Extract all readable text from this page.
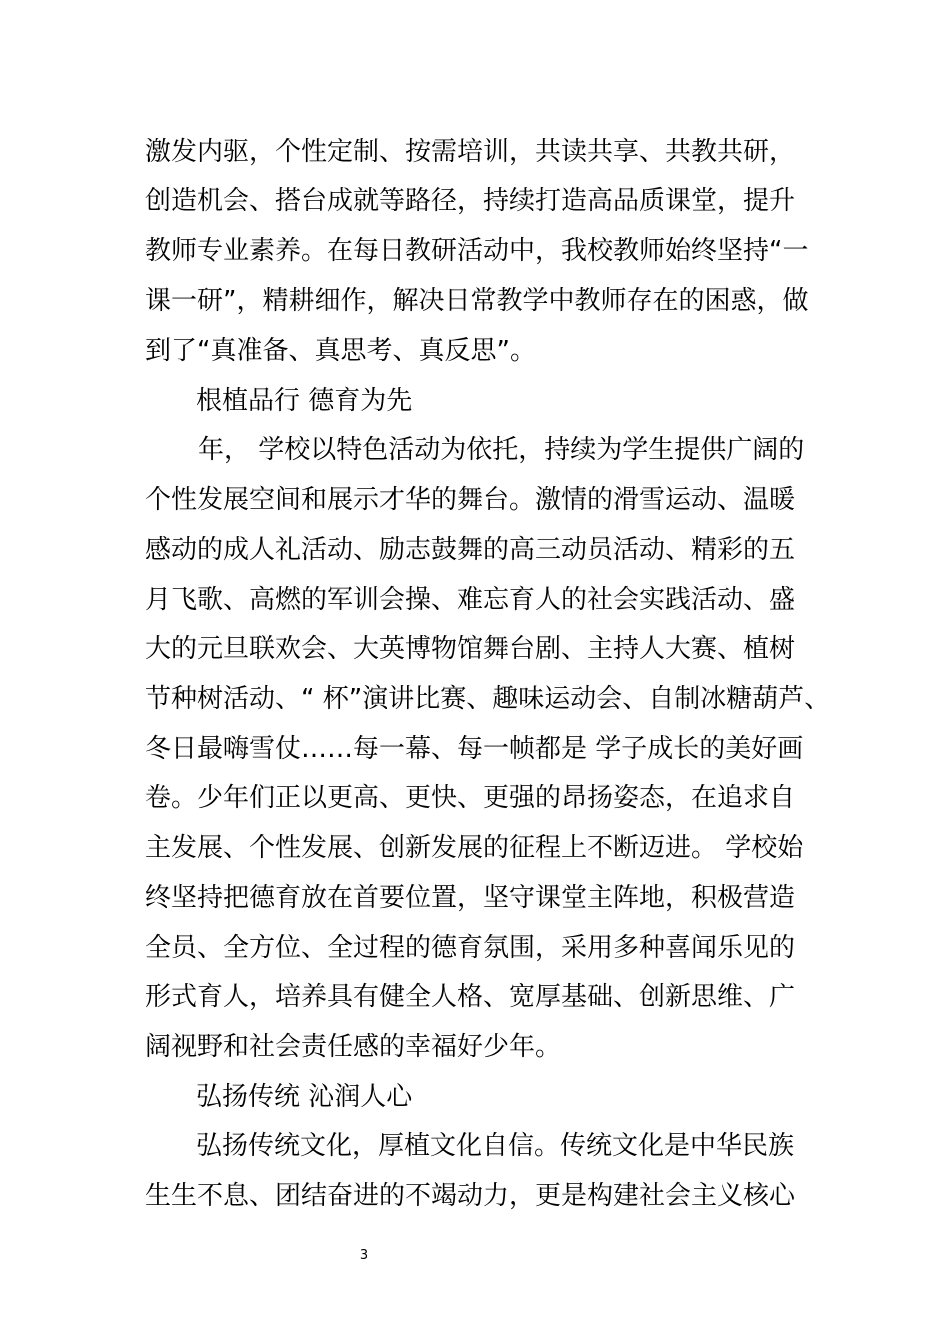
激发内驱，个性定制、按需培训，共读共享、共教共研，
创造机会、搭台成就等路径，持续打造高品质课堂，提升
教师专业素养。在每日教研活动中，我校教师始终坚持“一
课一研”，精耕细作，解决日常教学中教师存在的困惑，做
到了“真准备、真思考、真反思”。
根植品行 德育为先
年， 学校以特色活动为依托，持续为学生提供广阔的
个性发展空间和展示才华的舞台。激情的滑雪运动、温暖
感动的成人礼活动、励志鼓舞的高三动员活动、精彩的五
月飞歌、高燃的军训会操、难忘育人的社会实践活动、盛
大的元旦联欢会、大英博物馆舞台剧、主持人大赛、植树
节种树活动、“ 杯”演讲比赛、趣味运动会、自制冰糖葫芦、
冬日最嗨雪仗……每一幕、每一帧都是 学子成长的美好画
卷。少年们正以更高、更快、更强的昂扬姿态，在追求自
主发展、个性发展、创新发展的征程上不断迈进。 学校始
终坚持把德育放在首要位置，坚守课堂主阵地，积极营造
全员、全方位、全过程的德育氛围，采用多种喜闻乐见的
形式育人，培养具有健全人格、宽厚基础、创新思维、广
阔视野和社会责任感的幸福好少年。
弘扬传统 沁润人心
弘扬传统文化，厚植文化自信。传统文化是中华民族
生生不息、团结奋进的不竭动力，更是构建社会主义核心
3
